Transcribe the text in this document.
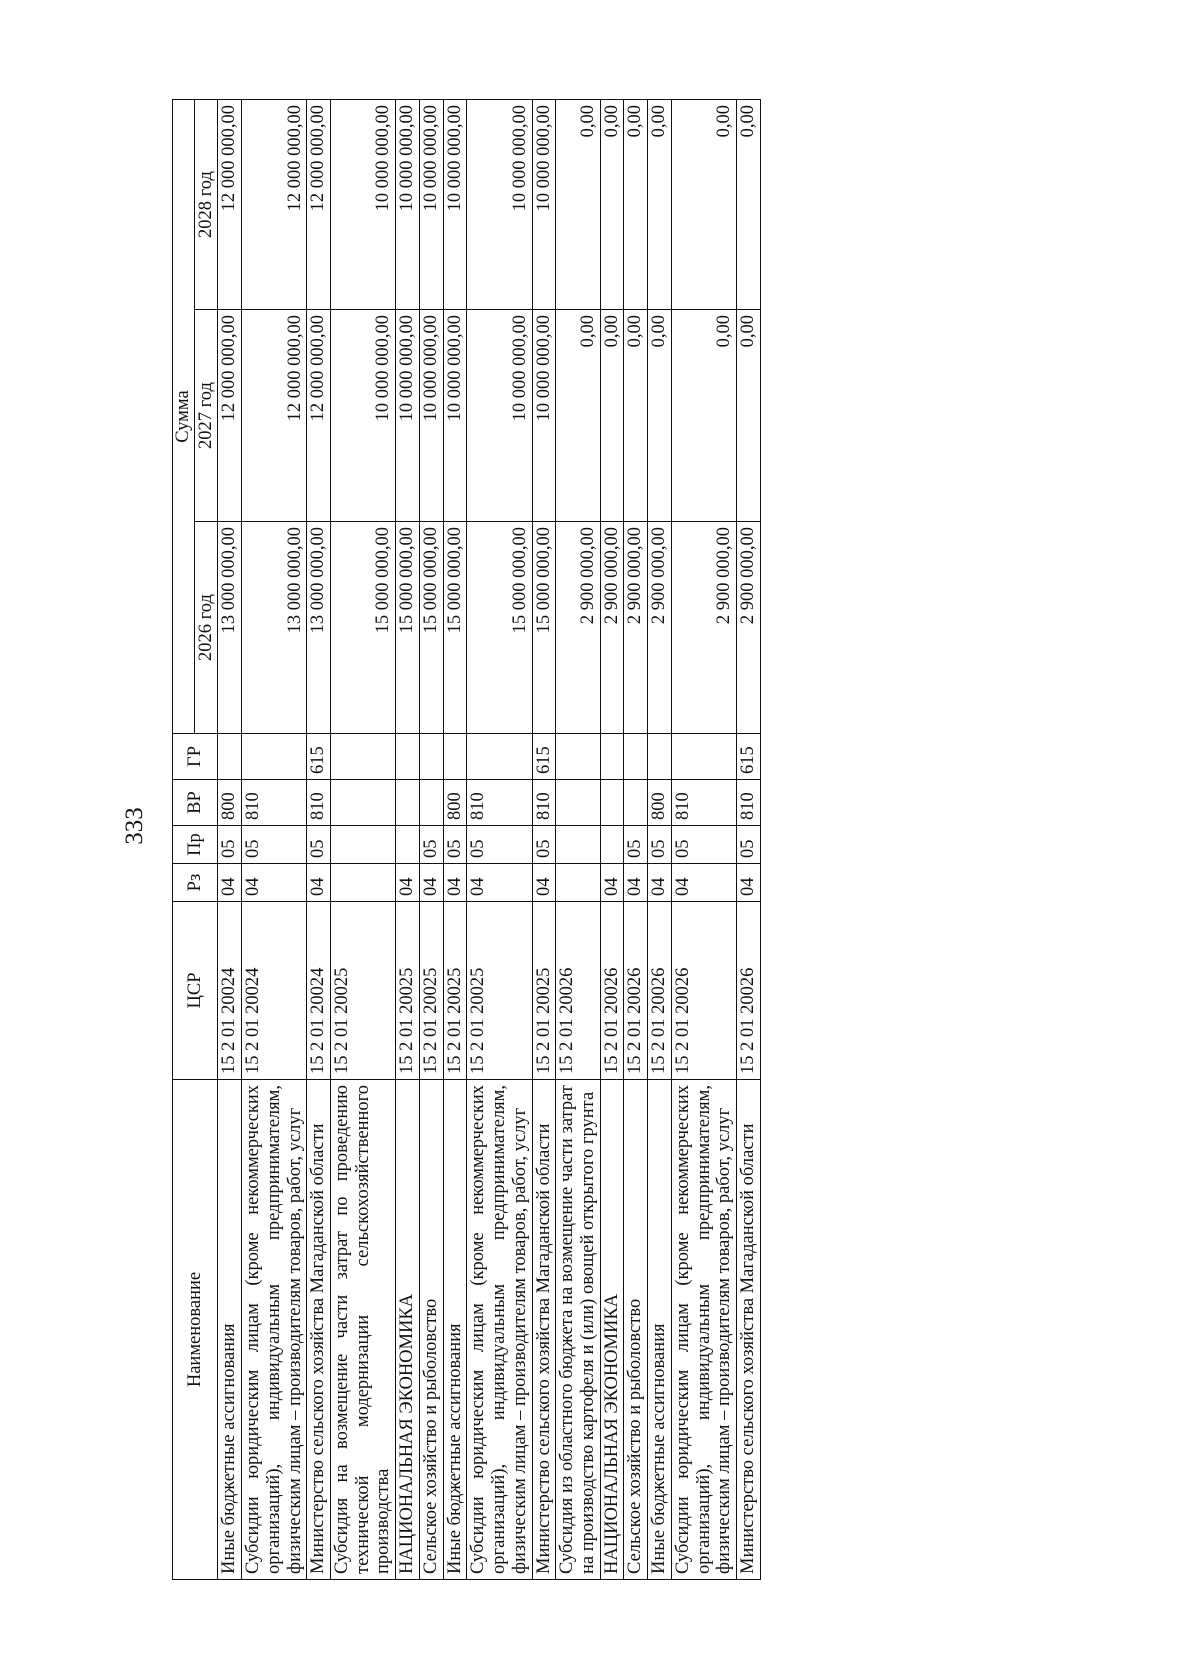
333
Наименование	ЦСР	Рз	Пр	ВР	ГР	Сумма		
						2026 год	2027 год	2028 год
Иные бюджетные ассигнования	15 2 01 20024	04	05	800		13 000 000,00	12 000 000,00	12 000 000,00
Субсидии юридическим лицам (кроме некоммерческих организаций), индивидуальным предпринимателям, физическим лицам – производителям товаров, работ, услуг	15 2 01 20024	04	05	810		13 000 000,00	12 000 000,00	12 000 000,00
Министерство сельского хозяйства Магаданской области	15 2 01 20024	04	05	810	615	13 000 000,00	12 000 000,00	12 000 000,00
Субсидия на возмещение части затрат по проведению технической модернизации сельскохозяйственного производства	15 2 01 20025					15 000 000,00	10 000 000,00	10 000 000,00
НАЦИОНАЛЬНАЯ ЭКОНОМИКА	15 2 01 20025	04				15 000 000,00	10 000 000,00	10 000 000,00
Сельское хозяйство и рыболовство	15 2 01 20025	04	05			15 000 000,00	10 000 000,00	10 000 000,00
Иные бюджетные ассигнования	15 2 01 20025	04	05	800		15 000 000,00	10 000 000,00	10 000 000,00
Субсидии юридическим лицам (кроме некоммерческих организаций), индивидуальным предпринимателям, физическим лицам – производителям товаров, работ, услуг	15 2 01 20025	04	05	810		15 000 000,00	10 000 000,00	10 000 000,00
Министерство сельского хозяйства Магаданской области	15 2 01 20025	04	05	810	615	15 000 000,00	10 000 000,00	10 000 000,00
Субсидия из областного бюджета на возмещение части затрат на производство картофеля и (или) овощей открытого грунта	15 2 01 20026					2 900 000,00	0,00	0,00
НАЦИОНАЛЬНАЯ ЭКОНОМИКА	15 2 01 20026	04				2 900 000,00	0,00	0,00
Сельское хозяйство и рыболовство	15 2 01 20026	04	05			2 900 000,00	0,00	0,00
Иные бюджетные ассигнования	15 2 01 20026	04	05	800		2 900 000,00	0,00	0,00
Субсидии юридическим лицам (кроме некоммерческих организаций), индивидуальным предпринимателям, физическим лицам – производителям товаров, работ, услуг	15 2 01 20026	04	05	810		2 900 000,00	0,00	0,00
Министерство сельского хозяйства Магаданской области	15 2 01 20026	04	05	810	615	2 900 000,00	0,00	0,00
